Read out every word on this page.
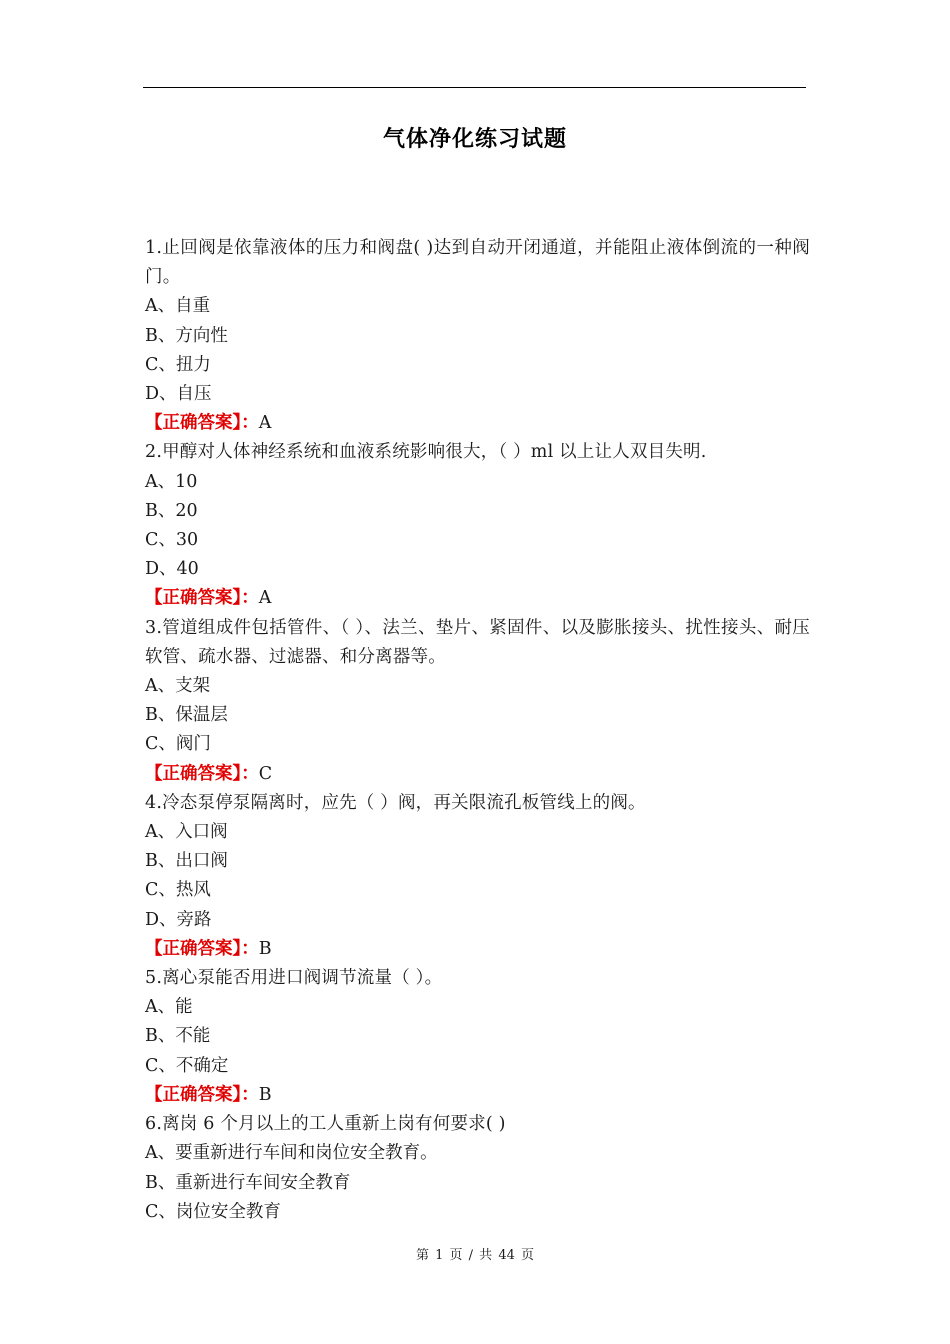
气体净化练习试题
1.止回阀是依靠液体的压力和阀盘( )达到自动开闭通道，并能阻止液体倒流的一种阀门。
A、自重
B、方向性
C、扭力
D、自压
【正确答案】：A
2.甲醇对人体神经系统和血液系统影响很大，（ ）ml 以上让人双目失明.
A、10
B、20
C、30
D、40
【正确答案】：A
3.管道组成件包括管件、（ ）、法兰、垫片、紧固件、以及膨胀接头、扰性接头、耐压软管、疏水器、过滤器、和分离器等。
A、支架
B、保温层
C、阀门
【正确答案】：C
4.冷态泵停泵隔离时，应先（ ）阀，再关限流孔板管线上的阀。
A、入口阀
B、出口阀
C、热风
D、旁路
【正确答案】：B
5.离心泵能否用进口阀调节流量（ ）。
A、能
B、不能
C、不确定
【正确答案】：B
6.离岗 6 个月以上的工人重新上岗有何要求( )
A、要重新进行车间和岗位安全教育。
B、重新进行车间安全教育
C、岗位安全教育
第 1 页 / 共 44 页
